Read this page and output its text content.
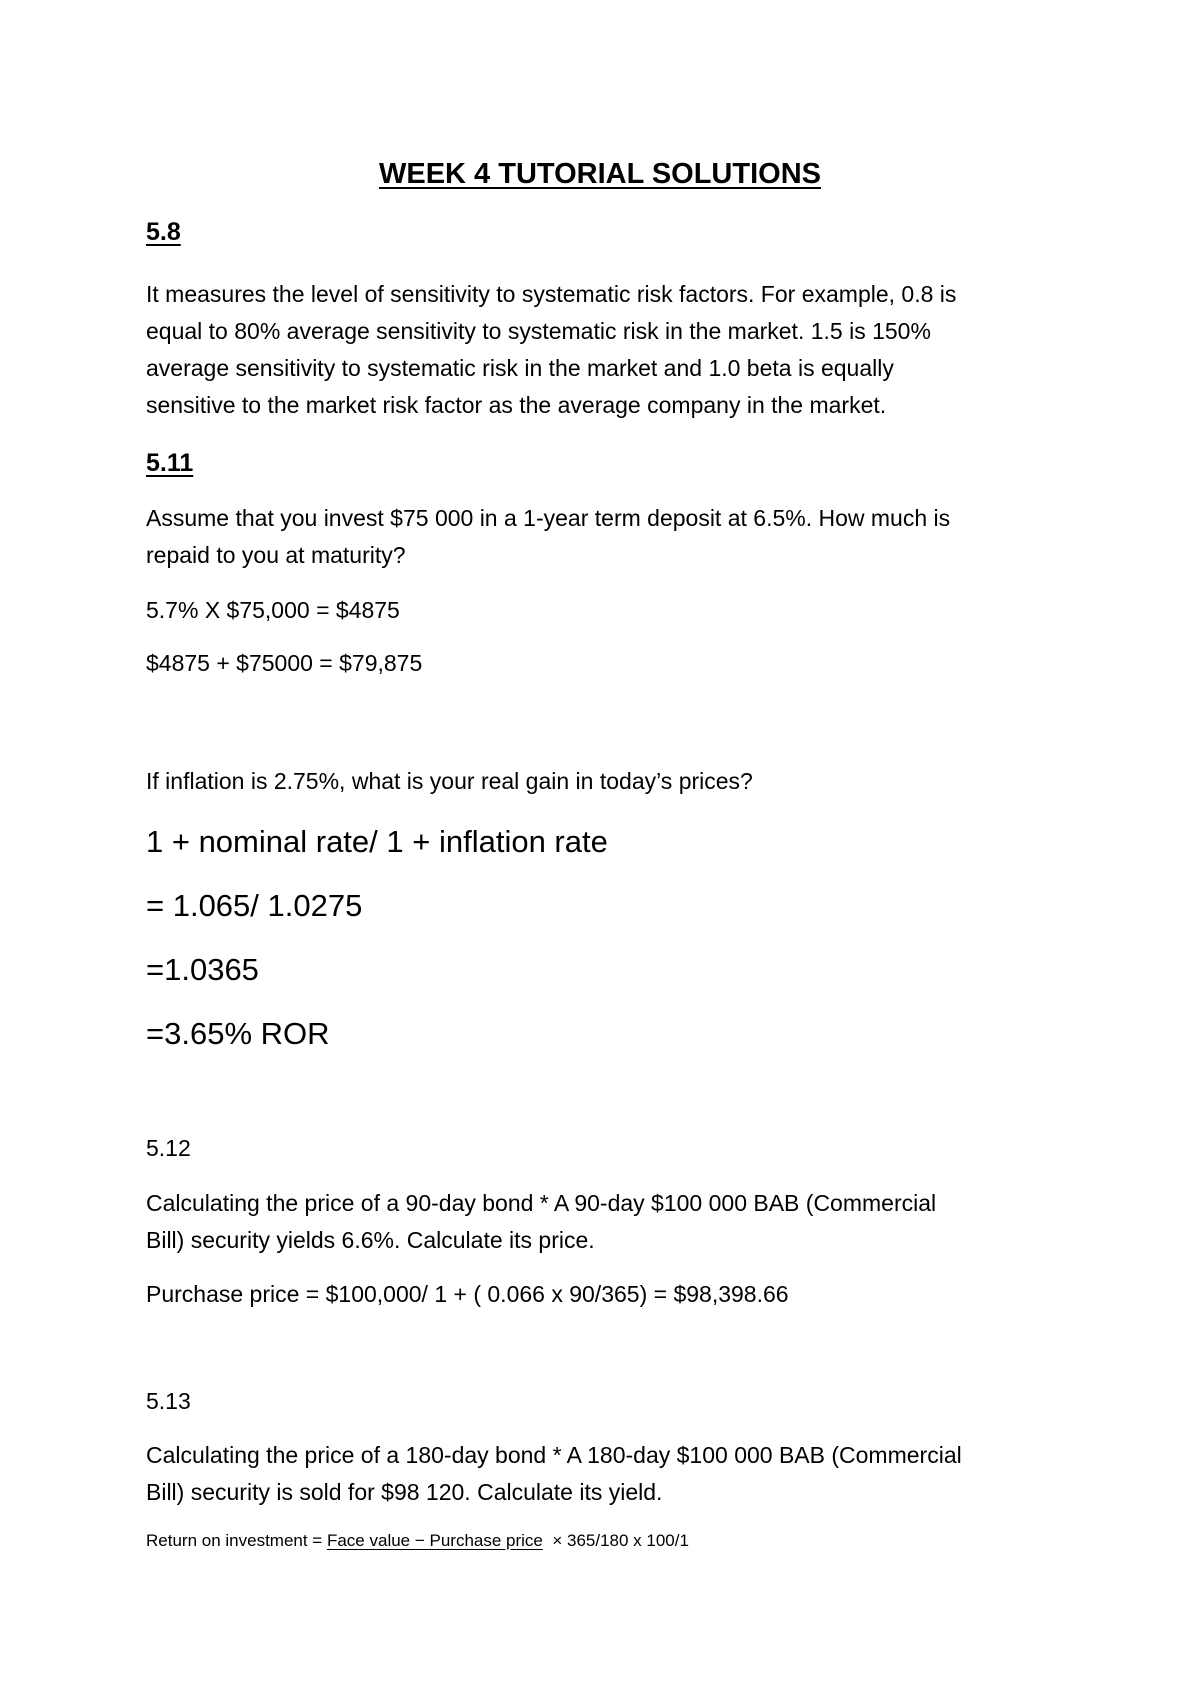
WEEK 4 TUTORIAL SOLUTIONS
5.8
It measures the level of sensitivity to systematic risk factors. For example, 0.8 is
equal to 80% average sensitivity to systematic risk in the market. 1.5 is 150%
average sensitivity to systematic risk in the market and 1.0 beta is equally
sensitive to the market risk factor as the average company in the market.
5.11
Assume that you invest $75 000 in a 1-year term deposit at 6.5%. How much is
repaid to you at maturity?
5.7% X $75,000 = $4875
$4875 + $75000 = $79,875
If inflation is 2.75%, what is your real gain in today’s prices?
1 + nominal rate/ 1 + inflation rate
= 1.065/ 1.0275
=1.0365
=3.65% ROR
5.12
Calculating the price of a 90-day bond * A 90-day $100 000 BAB (Commercial
Bill) security yields 6.6%. Calculate its price.
Purchase price = $100,000/ 1 + ( 0.066 x 90/365) = $98,398.66
5.13
Calculating the price of a 180-day bond * A 180-day $100 000 BAB (Commercial
Bill) security is sold for $98 120. Calculate its yield.
Return on investment = Face value − Purchase price  × 365/180 x 100/1
